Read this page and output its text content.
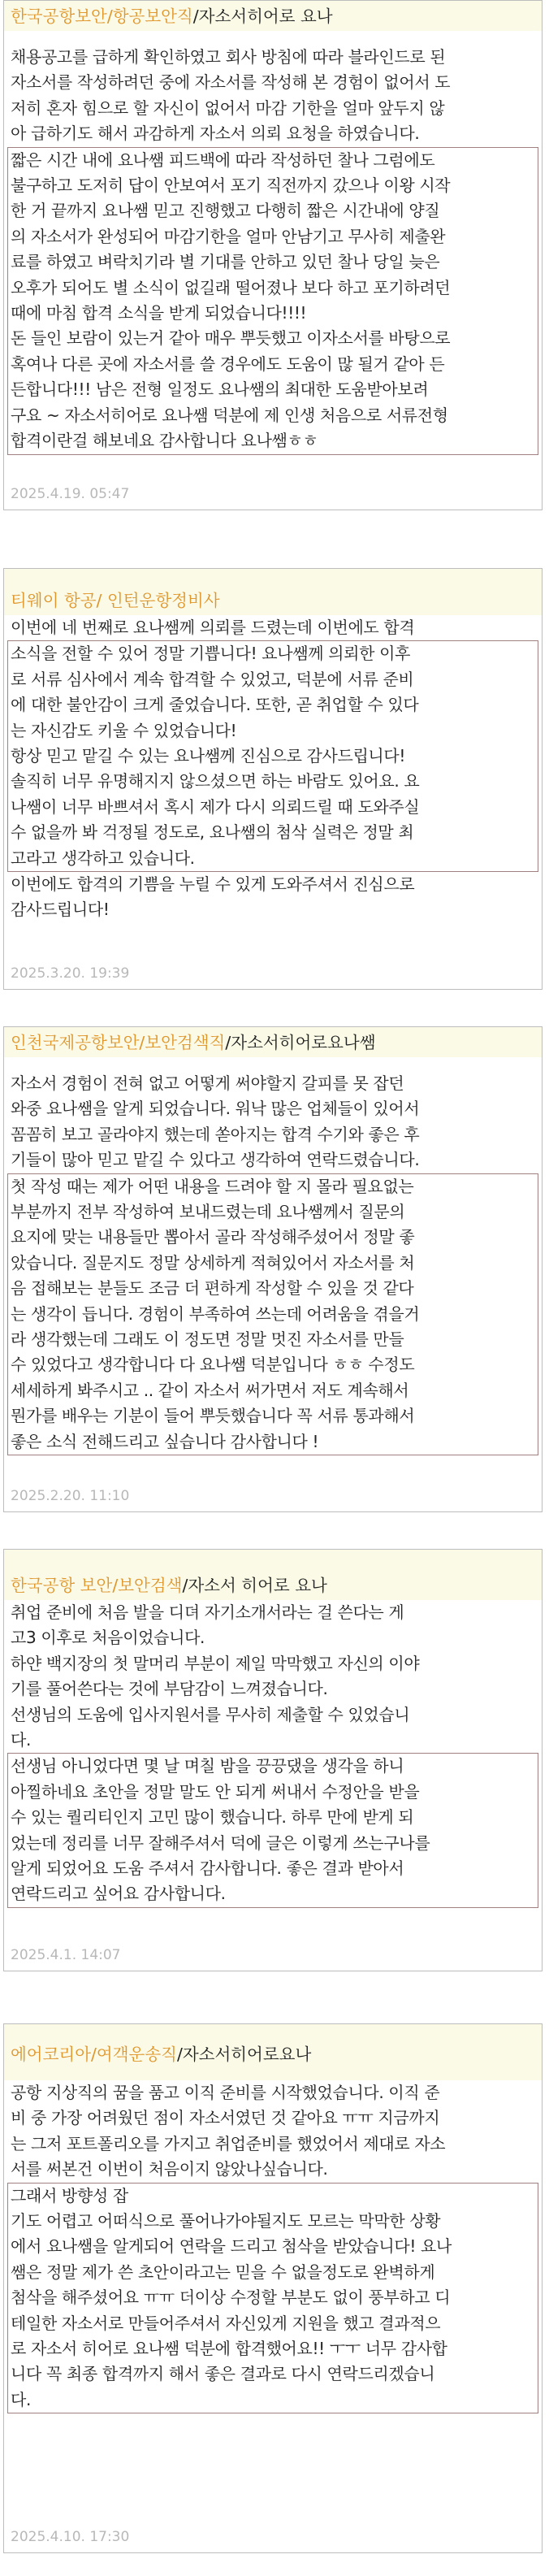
한국공항보안/항공보안직/자소서히어로 요나
채용공고를 급하게 확인하였고 회사 방침에 따라 블라인드로 된
자소서를 작성하려던 중에 자소서를 작성해 본 경험이 없어서 도
저히 혼자 힘으로 할 자신이 없어서 마감 기한을 얼마 앞두지 않
아 급하기도 해서 과감하게 자소서 의뢰 요청을 하였습니다.
짧은 시간 내에 요나쌤 피드백에 따라 작성하던 찰나 그럼에도
불구하고 도저히 답이 안보여서 포기 직전까지 갔으나 이왕 시작
한 거 끝까지 요나쌤 믿고 진행했고 다행히 짧은 시간내에 양질
의 자소서가 완성되어 마감기한을 얼마 안남기고 무사히 제출완
료를 하였고 벼락치기라 별 기대를 안하고 있던 찰나 당일 늦은
오후가 되어도 별 소식이 없길래 떨어졌나 보다 하고 포기하려던
때에 마침 합격 소식을 받게 되었습니다!!!!
돈 들인 보람이 있는거 같아 매우 뿌듯했고 이자소서를 바탕으로
혹여나 다른 곳에 자소서를 쓸 경우에도 도움이 많 될거 같아 든
든합니다!!! 남은 전형 일정도 요나쌤의 최대한 도움받아보려
구요 ~ 자소서히어로 요나쌤 덕분에 제 인생 처음으로 서류전형
합격이란걸 해보네요 감사합니다 요나쌤ㅎㅎ
2025.4.19. 05:47
티웨이 항공/ 인턴운항정비사
이번에 네 번째로 요나쌤께 의뢰를 드렸는데 이번에도 합격
소식을 전할 수 있어 정말 기쁩니다! 요나쌤께 의뢰한 이후
로 서류 심사에서 계속 합격할 수 있었고, 덕분에 서류 준비
에 대한 불안감이 크게 줄었습니다. 또한, 곧 취업할 수 있다
는 자신감도 키울 수 있었습니다!
항상 믿고 맡길 수 있는 요나쌤께 진심으로 감사드립니다!
솔직히 너무 유명해지지 않으셨으면 하는 바람도 있어요. 요
나쌤이 너무 바쁘셔서 혹시 제가 다시 의뢰드릴 때 도와주실
수 없을까 봐 걱정될 정도로, 요나쌤의 첨삭 실력은 정말 최
고라고 생각하고 있습니다.
이번에도 합격의 기쁨을 누릴 수 있게 도와주셔서 진심으로
감사드립니다!
2025.3.20. 19:39
인천국제공항보안/보안검색직/자소서히어로요나쌤
자소서 경험이 전혀 없고 어떻게 써야할지 갈피를 못 잡던
와중 요나쌤을 알게 되었습니다. 워낙 많은 업체들이 있어서
꼼꼼히 보고 골라야지 했는데 쏟아지는 합격 수기와 좋은 후
기들이 많아 믿고 맡길 수 있다고 생각하여 연락드렸습니다.
첫 작성 때는 제가 어떤 내용을 드려야 할 지 몰라 필요없는
부분까지 전부 작성하여 보내드렸는데 요나쌤께서 질문의
요지에 맞는 내용들만 뽑아서 골라 작성해주셨어서 정말 좋
았습니다. 질문지도 정말 상세하게 적혀있어서 자소서를 처
음 접해보는 분들도 조금 더 편하게 작성할 수 있을 것 같다
는 생각이 듭니다. 경험이 부족하여 쓰는데 어려움을 겪을거
라 생각했는데 그래도 이 정도면 정말 멋진 자소서를 만들
수 있었다고 생각합니다 다 요나쌤 덕분입니다 ㅎㅎ 수정도
세세하게 봐주시고 .. 같이 자소서 써가면서 저도 계속해서
뭔가를 배우는 기분이 들어 뿌듯했습니다 꼭 서류 통과해서
좋은 소식 전해드리고 싶습니다 감사합니다 !
2025.2.20. 11:10
한국공항 보안/보안검색/자소서 히어로 요나
취업 준비에 처음 발을 디뎌 자기소개서라는 걸 쓴다는 게
고3 이후로 처음이었습니다.
하얀 백지장의 첫 말머리 부분이 제일 막막했고 자신의 이야
기를 풀어쓴다는 것에 부담감이 느껴졌습니다.
선생님의 도움에 입사지원서를 무사히 제출할 수 있었습니
다.
선생님 아니었다면 몇 날 며칠 밤을 끙끙댔을 생각을 하니
아찔하네요 초안을 정말 말도 안 되게 써내서 수정안을 받을
수 있는 퀄리티인지 고민 많이 했습니다. 하루 만에 받게 되
었는데 정리를 너무 잘해주셔서 덕에 글은 이렇게 쓰는구나를
알게 되었어요 도움 주셔서 감사합니다. 좋은 결과 받아서
연락드리고 싶어요 감사합니다.
2025.4.1. 14:07
에어코리아/여객운송직/자소서히어로요나
공항 지상직의 꿈을 품고 이직 준비를 시작했었습니다. 이직 준
비 중 가장 어려웠던 점이 자소서였던 것 같아요 ㅠㅠ 지금까지
는 그저 포트폴리오를 가지고 취업준비를 했었어서 제대로 자소
서를 써본건 이번이 처음이지 않았나싶습니다.
그래서 방향성 잡
기도 어렵고 어떠식으로 풀어나가야될지도 모르는 막막한 상황
에서 요나쌤을 알게되어 연락을 드리고 첨삭을 받았습니다! 요나
쌤은 정말 제가 쓴 초안이라고는 믿을 수 없을정도로 완벽하게
첨삭을 해주셨어요 ㅠㅠ 더이상 수정할 부분도 없이 풍부하고 디
테일한 자소서로 만들어주셔서 자신있게 지원을 했고 결과적으
로 자소서 히어로 요나쌤 덕분에 합격했어요!! ㅜㅜ 너무 감사합
니다 꼭 최종 합격까지 해서 좋은 결과로 다시 연락드리겠습니
다.
2025.4.10. 17:30
